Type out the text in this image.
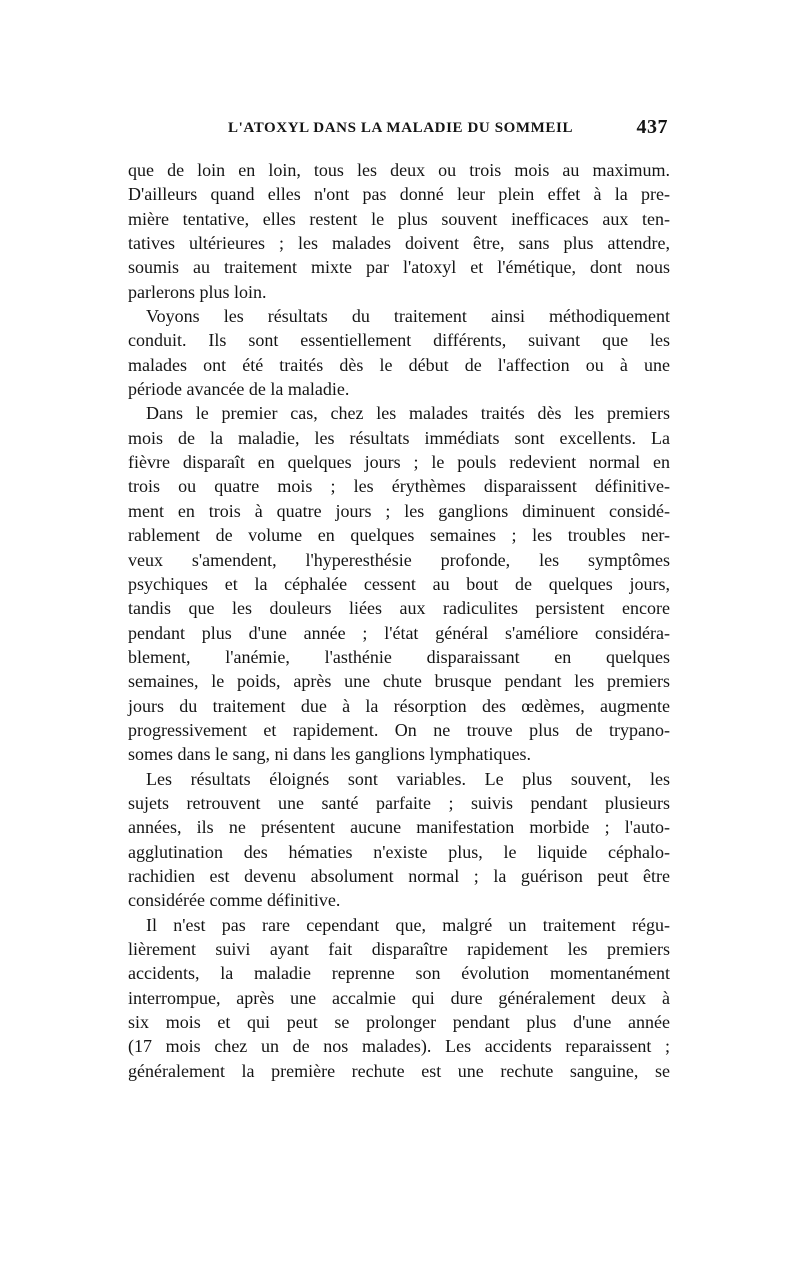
L'ATOXYL DANS LA MALADIE DU SOMMEIL	437
que de loin en loin, tous les deux ou trois mois au maximum.
D'ailleurs quand elles n'ont pas donné leur plein effet à la pre-
mière tentative, elles restent le plus souvent inefficaces aux ten-
tatives ultérieures ; les malades doivent être, sans plus attendre,
soumis au traitement mixte par l'atoxyl et l'émétique, dont nous
parlerons plus loin.
Voyons les résultats du traitement ainsi méthodiquement
conduit. Ils sont essentiellement différents, suivant que les
malades ont été traités dès le début de l'affection ou à une
période avancée de la maladie.
Dans le premier cas, chez les malades traités dès les premiers
mois de la maladie, les résultats immédiats sont excellents. La
fièvre disparaît en quelques jours ; le pouls redevient normal en
trois ou quatre mois ; les érythèmes disparaissent définitive-
ment en trois à quatre jours ; les ganglions diminuent considé-
rablement de volume en quelques semaines ; les troubles ner-
veux s'amendent, l'hyperesthésie profonde, les symptômes
psychiques et la céphalée cessent au bout de quelques jours,
tandis que les douleurs liées aux radiculites persistent encore
pendant plus d'une année ; l'état général s'améliore considéra-
blement, l'anémie, l'asthénie disparaissant en quelques
semaines, le poids, après une chute brusque pendant les premiers
jours du traitement due à la résorption des œdèmes, augmente
progressivement et rapidement. On ne trouve plus de trypano-
somes dans le sang, ni dans les ganglions lymphatiques.
Les résultats éloignés sont variables. Le plus souvent, les
sujets retrouvent une santé parfaite ; suivis pendant plusieurs
années, ils ne présentent aucune manifestation morbide ; l'auto-
agglutination des hématies n'existe plus, le liquide céphalo-
rachidien est devenu absolument normal ; la guérison peut être
considérée comme définitive.
Il n'est pas rare cependant que, malgré un traitement régu-
lièrement suivi ayant fait disparaître rapidement les premiers
accidents, la maladie reprenne son évolution momentanément
interrompue, après une accalmie qui dure généralement deux à
six mois et qui peut se prolonger pendant plus d'une année
(17 mois chez un de nos malades). Les accidents reparaissent ;
généralement la première rechute est une rechute sanguine, se
